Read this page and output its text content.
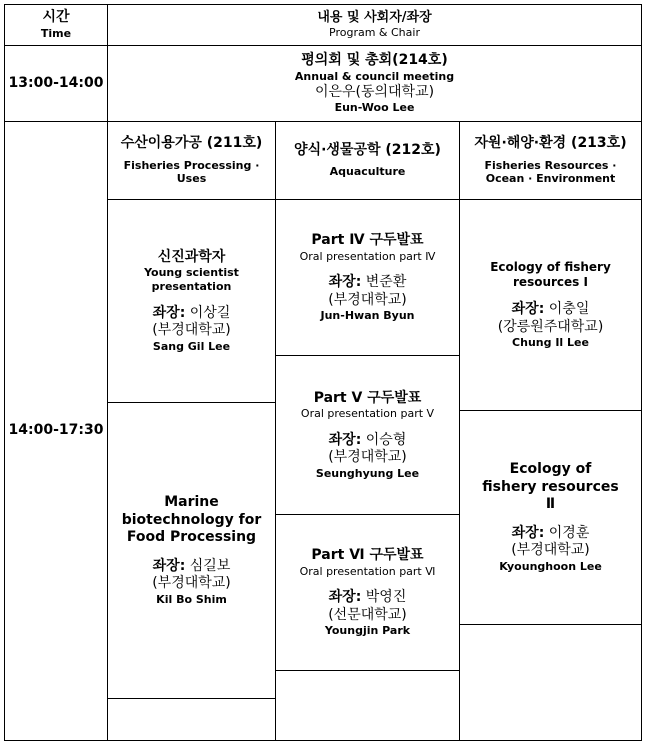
시간
Time
내용 및 사회자/좌장
Program & Chair
13:00-14:00
평의회 및 총회(214호)
Annual & council meeting
이은우(동의대학교)
Eun-Woo Lee
14:00-17:30
수산이용가공 (211호)
Fisheries Processing · Uses
양식·생물공학 (212호)
Aquaculture
자원·해양·환경 (213호)
Fisheries Resources · Ocean · Environment
신진과학자
Young scientist presentation
좌장: 이상길
(부경대학교)
Sang Gil Lee
Marine biotechnology for Food Processing
좌장: 심길보
(부경대학교)
Kil Bo Shim
Part Ⅳ 구두발표
Oral presentation part Ⅳ
좌장: 변준환
(부경대학교)
Jun-Hwan Byun
Part Ⅴ 구두발표
Oral presentation part Ⅴ
좌장: 이승형
(부경대학교)
Seunghyung Lee
Part Ⅵ 구두발표
Oral presentation part Ⅵ
좌장: 박영진
(선문대학교)
Youngjin Park
Ecology of fishery resources Ⅰ
좌장: 이충일
(강릉원주대학교)
Chung Il Lee
Ecology of fishery resources Ⅱ
좌장: 이경훈
(부경대학교)
Kyounghoon Lee
